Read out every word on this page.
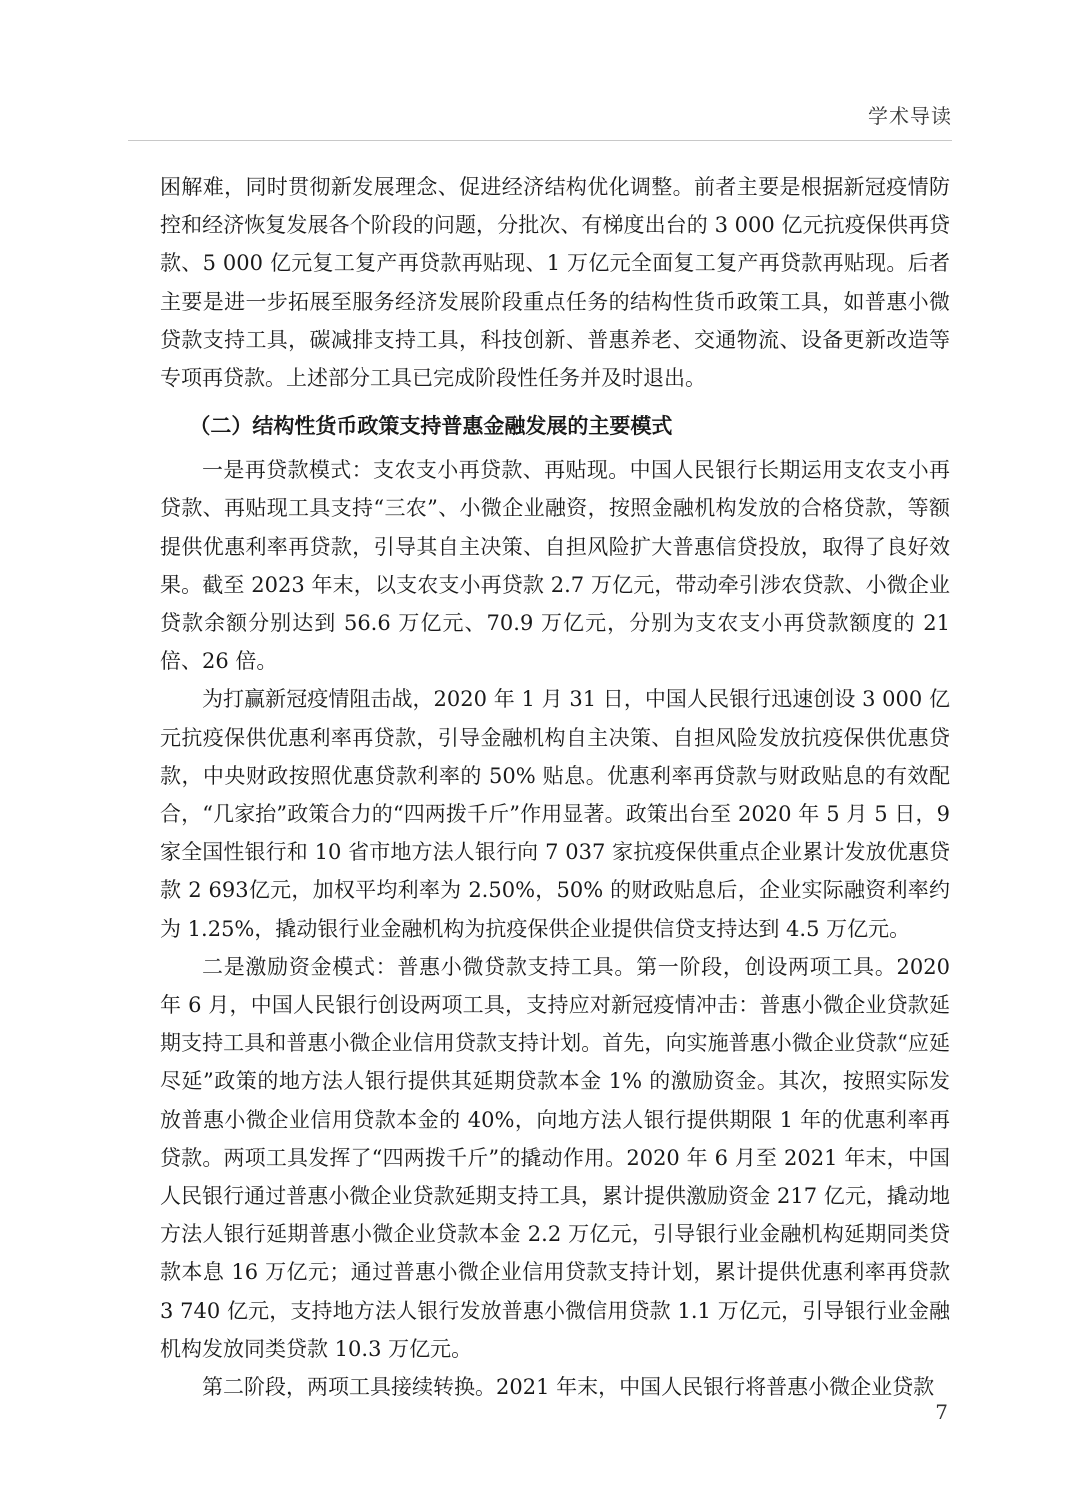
学术导读

困解难，同时贯彻新发展理念、促进经济结构优化调整。前者主要是根据新冠疫情防控和经济恢复发展各个阶段的问题，分批次、有梯度出台的 3 000 亿元抗疫保供再贷款、5 000 亿元复工复产再贷款再贴现、1 万亿元全面复工复产再贷款再贴现。后者主要是进一步拓展至服务经济发展阶段重点任务的结构性货币政策工具，如普惠小微贷款支持工具，碳减排支持工具，科技创新、普惠养老、交通物流、设备更新改造等专项再贷款。上述部分工具已完成阶段性任务并及时退出。

（二）结构性货币政策支持普惠金融发展的主要模式

一是再贷款模式：支农支小再贷款、再贴现。中国人民银行长期运用支农支小再贷款、再贴现工具支持“三农”、小微企业融资，按照金融机构发放的合格贷款，等额提供优惠利率再贷款，引导其自主决策、自担风险扩大普惠信贷投放，取得了良好效果。截至 2023 年末，以支农支小再贷款 2.7 万亿元，带动牵引涉农贷款、小微企业贷款余额分别达到 56.6 万亿元、70.9 万亿元，分别为支农支小再贷款额度的 21 倍、26 倍。

为打赢新冠疫情阻击战，2020 年 1 月 31 日，中国人民银行迅速创设 3 000 亿元抗疫保供优惠利率再贷款，引导金融机构自主决策、自担风险发放抗疫保供优惠贷款，中央财政按照优惠贷款利率的 50% 贴息。优惠利率再贷款与财政贴息的有效配合，“几家抬”政策合力的“四两拨千斤”作用显著。政策出台至 2020 年 5 月 5 日，9 家全国性银行和 10 省市地方法人银行向 7 037 家抗疫保供重点企业累计发放优惠贷款 2 693亿元，加权平均利率为 2.50%，50% 的财政贴息后，企业实际融资利率约为 1.25%，撬动银行业金融机构为抗疫保供企业提供信贷支持达到 4.5 万亿元。

二是激励资金模式：普惠小微贷款支持工具。第一阶段，创设两项工具。2020 年 6 月，中国人民银行创设两项工具，支持应对新冠疫情冲击：普惠小微企业贷款延期支持工具和普惠小微企业信用贷款支持计划。首先，向实施普惠小微企业贷款“应延尽延”政策的地方法人银行提供其延期贷款本金 1% 的激励资金。其次，按照实际发放普惠小微企业信用贷款本金的 40%，向地方法人银行提供期限 1 年的优惠利率再贷款。两项工具发挥了“四两拨千斤”的撬动作用。2020 年 6 月至 2021 年末，中国人民银行通过普惠小微企业贷款延期支持工具，累计提供激励资金 217 亿元，撬动地方法人银行延期普惠小微企业贷款本金 2.2 万亿元，引导银行业金融机构延期同类贷款本息 16 万亿元；通过普惠小微企业信用贷款支持计划，累计提供优惠利率再贷款 3 740 亿元，支持地方法人银行发放普惠小微信用贷款 1.1 万亿元，引导银行业金融机构发放同类贷款 10.3 万亿元。

第二阶段，两项工具接续转换。2021 年末，中国人民银行将普惠小微企业贷款

7
